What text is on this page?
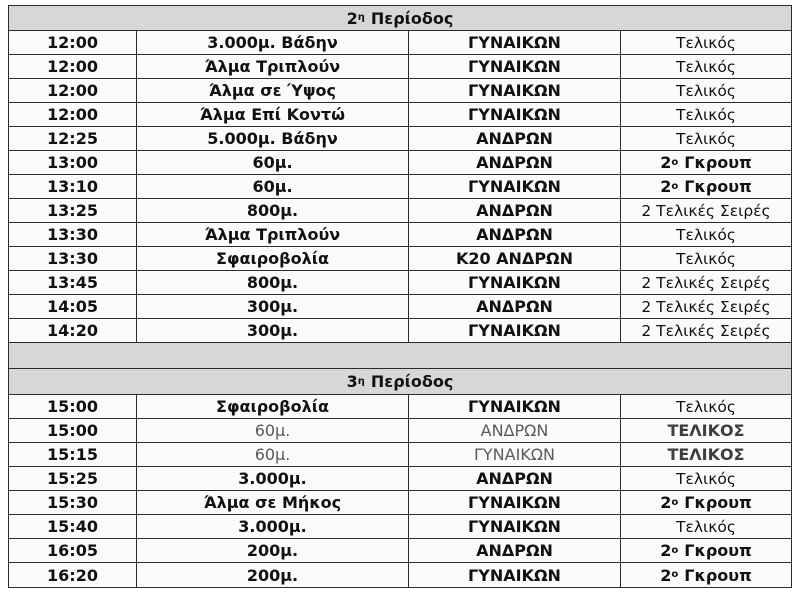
2 η Περίοδος
12:00	3.000μ. Βάδην	ΓΥΝΑΙΚΩΝ	Τελικός
12:00	Άλμα Τριπλούν	ΓΥΝΑΙΚΩΝ	Τελικός
12:00	Άλμα σε Ύψος	ΓΥΝΑΙΚΩΝ	Τελικός
12:00	Άλμα Επί Κοντώ	ΓΥΝΑΙΚΩΝ	Τελικός
12:25	5.000μ. Βάδην	ΑΝΔΡΩΝ	Τελικός
13:00	60μ.	ΑΝΔΡΩΝ	2 ο Γκρουπ
13:10	60μ.	ΓΥΝΑΙΚΩΝ	2 ο Γκρουπ
13:25	800μ.	ΑΝΔΡΩΝ	2 Τελικές Σειρές
13:30	Άλμα Τριπλούν	ΑΝΔΡΩΝ	Τελικός
13:30	Σφαιροβολία	Κ20 ΑΝΔΡΩΝ	Τελικός
13:45	800μ.	ΓΥΝΑΙΚΩΝ	2 Τελικές Σειρές
14:05	300μ.	ΑΝΔΡΩΝ	2 Τελικές Σειρές
14:20	300μ.	ΓΥΝΑΙΚΩΝ	2 Τελικές Σειρές
3 η Περίοδος
15:00	Σφαιροβολία	ΓΥΝΑΙΚΩΝ	Τελικός
15:00	60μ.	ΑΝΔΡΩΝ	ΤΕΛΙΚΟΣ
15:15	60μ.	ΓΥΝΑΙΚΩΝ	ΤΕΛΙΚΟΣ
15:25	3.000μ.	ΑΝΔΡΩΝ	Τελικός
15:30	Άλμα σε Μήκος	ΓΥΝΑΙΚΩΝ	2 ο Γκρουπ
15:40	3.000μ.	ΓΥΝΑΙΚΩΝ	Τελικός
16:05	200μ.	ΑΝΔΡΩΝ	2 ο Γκρουπ
16:20	200μ.	ΓΥΝΑΙΚΩΝ	2 ο Γκρουπ
